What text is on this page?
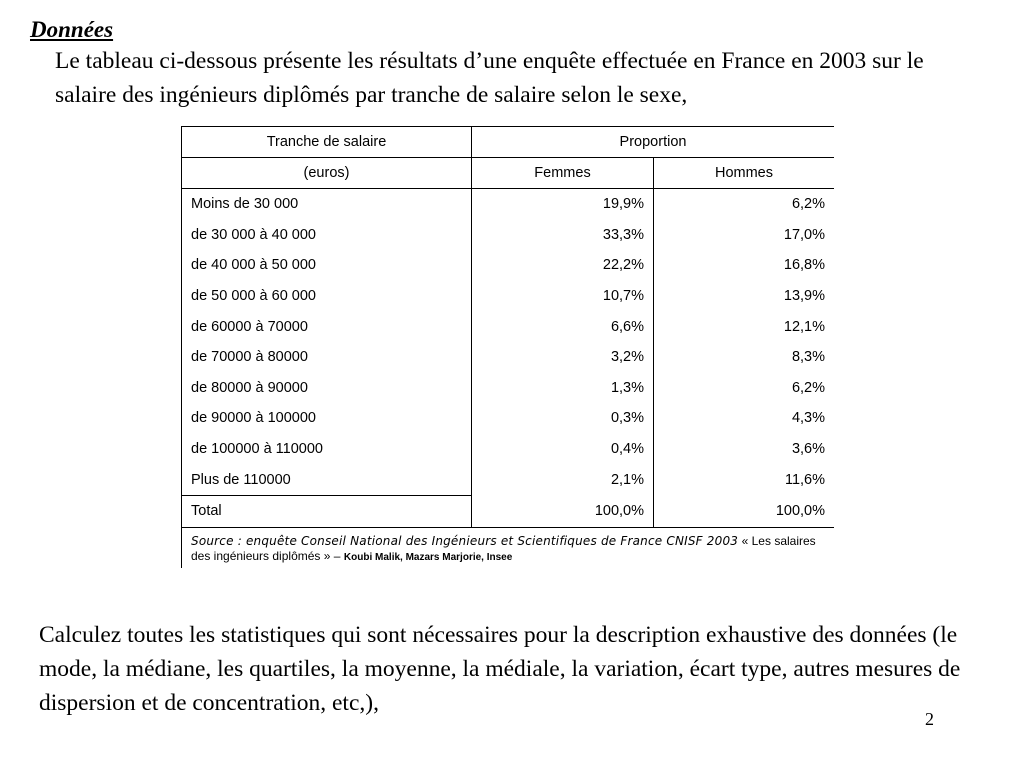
Données

Le tableau ci-dessous présente les résultats d’une enquête effectuée en France en 2003 sur le salaire des ingénieurs diplômés par tranche de salaire selon le sexe,

Tranche de salaire	Proportion	
(euros)	Femmes	Hommes
Moins de 30 000	19,9%	6,2%
de 30 000 à 40 000	33,3%	17,0%
de 40 000 à 50 000	22,2%	16,8%
de 50 000 à 60 000	10,7%	13,9%
de 60000 à 70000	6,6%	12,1%
de 70000 à 80000	3,2%	8,3%
de 80000 à 90000	1,3%	6,2%
de 90000 à 100000	0,3%	4,3%
de 100000 à 110000	0,4%	3,6%
Plus de 110000	2,1%	11,6%
Total	100,0%	100,0%
Source : enquête Conseil National des Ingénieurs et Scientifiques de France CNISF 2003 « Les salaires des ingénieurs diplômés » – Koubi Malik, Mazars Marjorie, Insee		

Calculez toutes les statistiques qui sont nécessaires pour la description exhaustive des données (le mode, la médiane, les quartiles, la moyenne, la médiale, la variation, écart type, autres mesures de dispersion et de concentration, etc,),

2
